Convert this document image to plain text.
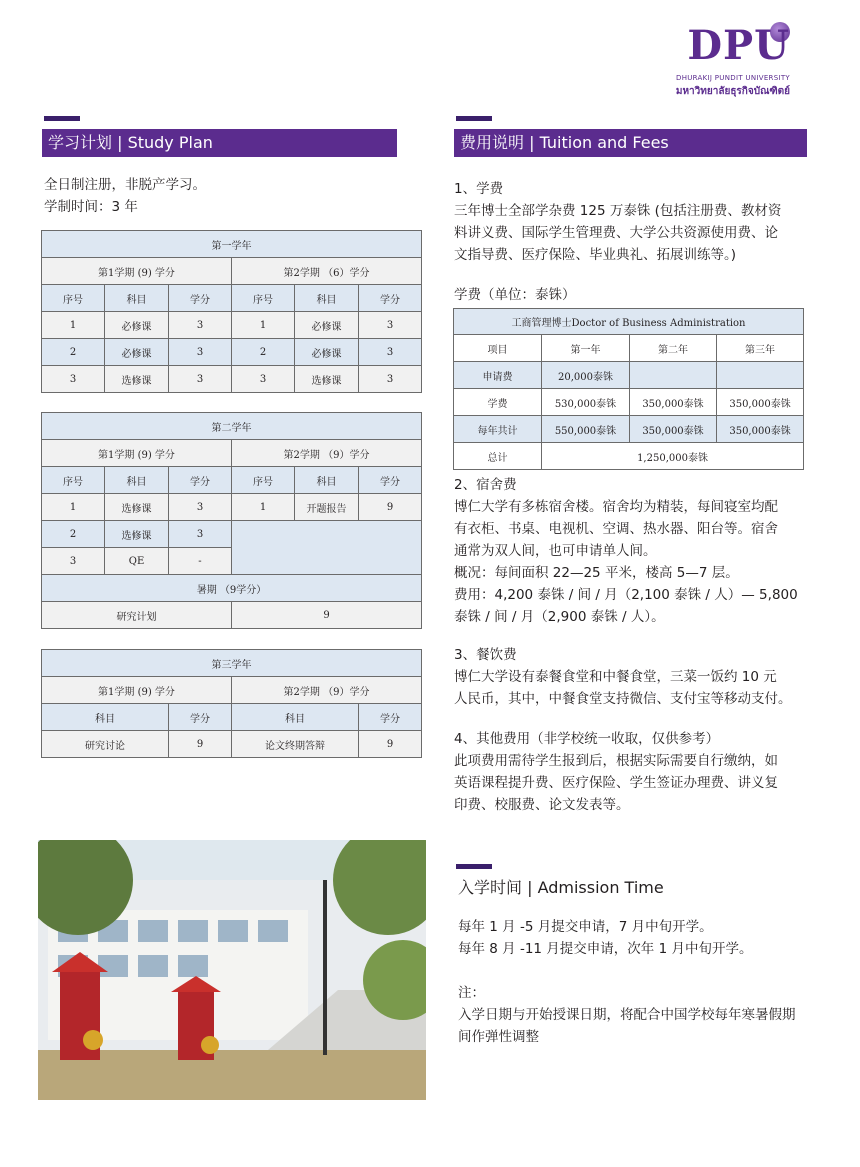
DPU
DHURAKIJ PUNDIT UNIVERSITY
มหาวิทยาลัยธุรกิจบัณฑิตย์
学习计划 | Study Plan

全日制注册，非脱产学习。

学制时间：3 年

第一学年					
第1学期 (9) 学分			第2学期 （6）学分		
序号	科目	学分	序号	科目	学分
1	必修课	3	1	必修课	3
2	必修课	3	2	必修课	3
3	选修课	3	3	选修课	3
第二学年					
第1学期 (9) 学分			第2学期 （9）学分		
序号	科目	学分	序号	科目	学分
1	选修课	3	1	开题报告	9
2	选修课	3			
3	QE	-			
暑期 （9学分）					
研究计划			9		
第三学年			
第1学期 (9) 学分		第2学期 （9）学分	
科目	学分	科目	学分
研究讨论	9	论文终期答辩	9
费用说明 | Tuition and Fees

1、学费

三年博士全部学杂费 125 万泰铢 (包括注册费、教材资

料讲义费、国际学生管理费、大学公共资源使用费、论

文指导费、医疗保险、毕业典礼、拓展训练等。)

学费（单位：泰铢）
工商管理博士Doctor of Business Administration			
项目	第一年	第二年	第三年
申请费	20,000泰铢		
学费	530,000泰铢	350,000泰铢	350,000泰铢
每年共计	550,000泰铢	350,000泰铢	350,000泰铢
总计	1,250,000泰铢		

2、宿舍费

博仁大学有多栋宿舍楼。宿舍均为精装，每间寝室均配

有衣柜、书桌、电视机、空调、热水器、阳台等。宿舍

通常为双人间，也可申请单人间。

概况：每间面积 22—25 平米，楼高 5—7 层。

费用：4,200 泰铢 / 间 / 月（2,100 泰铢 / 人）— 5,800

泰铢 / 间 / 月（2,900 泰铢 / 人）。

3、餐饮费

博仁大学设有泰餐食堂和中餐食堂，三菜一饭约 10 元

人民币，其中，中餐食堂支持微信、支付宝等移动支付。

4、其他费用（非学校统一收取，仅供参考）

此项费用需待学生报到后，根据实际需要自行缴纳，如

英语课程提升费、医疗保险、学生签证办理费、讲义复

印费、校服费、论文发表等。

入学时间 | Admission Time

每年 1 月 -5 月提交申请，7 月中旬开学。

每年 8 月 -11 月提交申请，次年 1 月中旬开学。

注：

入学日期与开始授课日期，将配合中国学校每年寒暑假期

间作弹性调整
